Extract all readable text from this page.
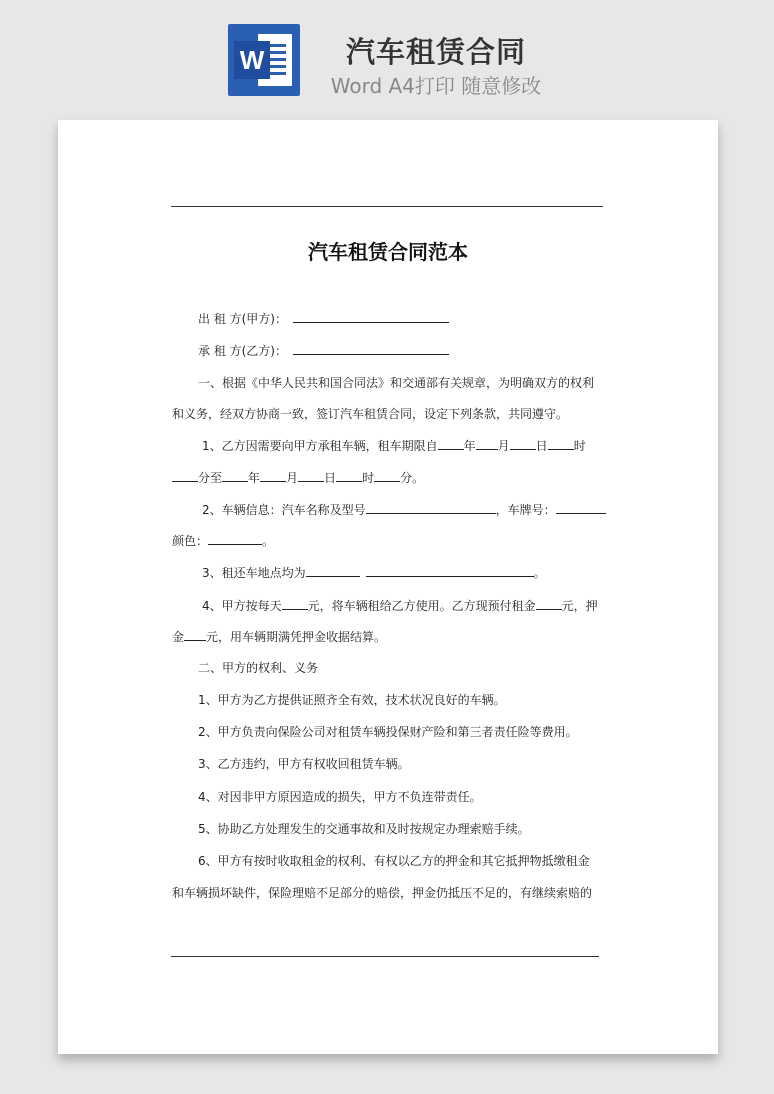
W	汽车租赁合同
Word A4打印 随意修改
汽车租赁合同范本
出 租 方(甲方)：
承 租 方(乙方)：
一、根据《中华人民共和国合同法》和交通部有关规章，为明确双方的权利
和义务，经双方协商一致，签订汽车租赁合同，设定下列条款，共同遵守。
1、乙方因需要向甲方承租车辆，租车期限自 年 月 日 时
分至 年 月 日 时 分。
2、车辆信息：汽车名称及型号	，车牌号：
颜色：	。
3、租还车地点均为	。
4、甲方按每天 元，将车辆租给乙方使用。乙方现预付租金 元，押
金 元，用车辆期满凭押金收据结算。
二、甲方的权利、义务
1、甲方为乙方提供证照齐全有效，技术状况良好的车辆。
2、甲方负责向保险公司对租赁车辆投保财产险和第三者责任险等费用。
3、乙方违约，甲方有权收回租赁车辆。
4、对因非甲方原因造成的损失，甲方不负连带责任。
5、协助乙方处理发生的交通事故和及时按规定办理索赔手续。
6、甲方有按时收取租金的权利、有权以乙方的押金和其它抵押物抵缴租金
和车辆损坏缺件，保险理赔不足部分的赔偿，押金仍抵压不足的，有继续索赔的
